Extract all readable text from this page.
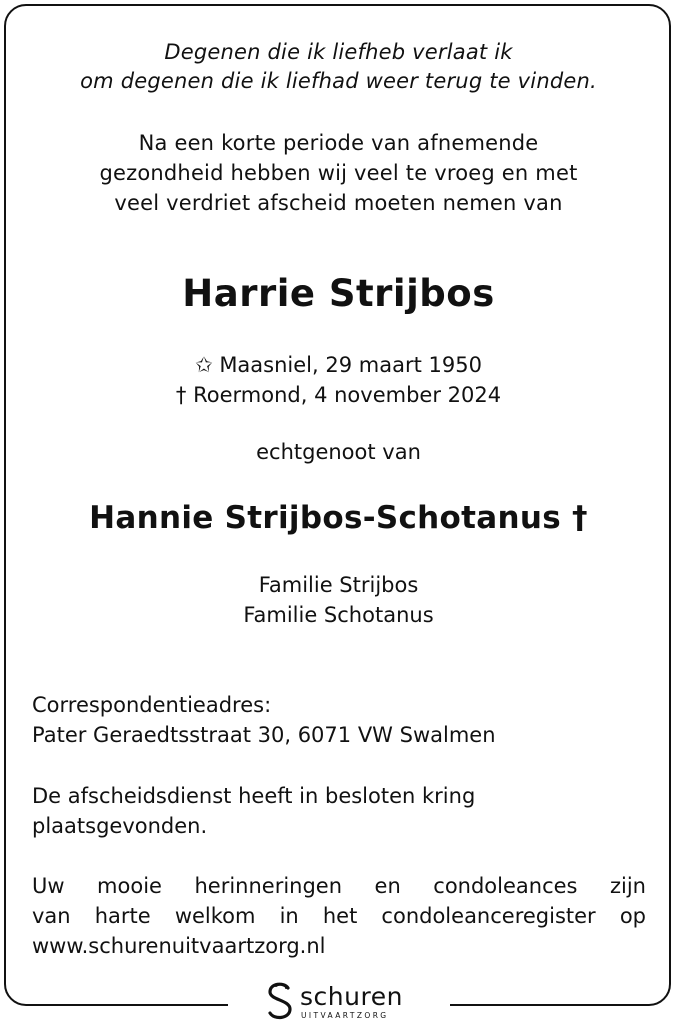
Degenen die ik liefheb verlaat ik
om degenen die ik liefhad weer terug te vinden.
Na een korte periode van afnemende
gezondheid hebben wij veel te vroeg en met
veel verdriet afscheid moeten nemen van
Harrie Strijbos
✩ Maasniel, 29 maart 1950
† Roermond, 4 november 2024
echtgenoot van
Hannie Strijbos-Schotanus †
Familie Strijbos
Familie Schotanus
Correspondentieadres:
Pater Geraedtsstraat 30, 6071 VW Swalmen
De afscheidsdienst heeft in besloten kring
plaatsgevonden.
Uw mooie herinneringen en condoleances zijn
van harte welkom in het condoleanceregister op
www.schurenuitvaartzorg.nl
schuren
UITVAARTZORG
